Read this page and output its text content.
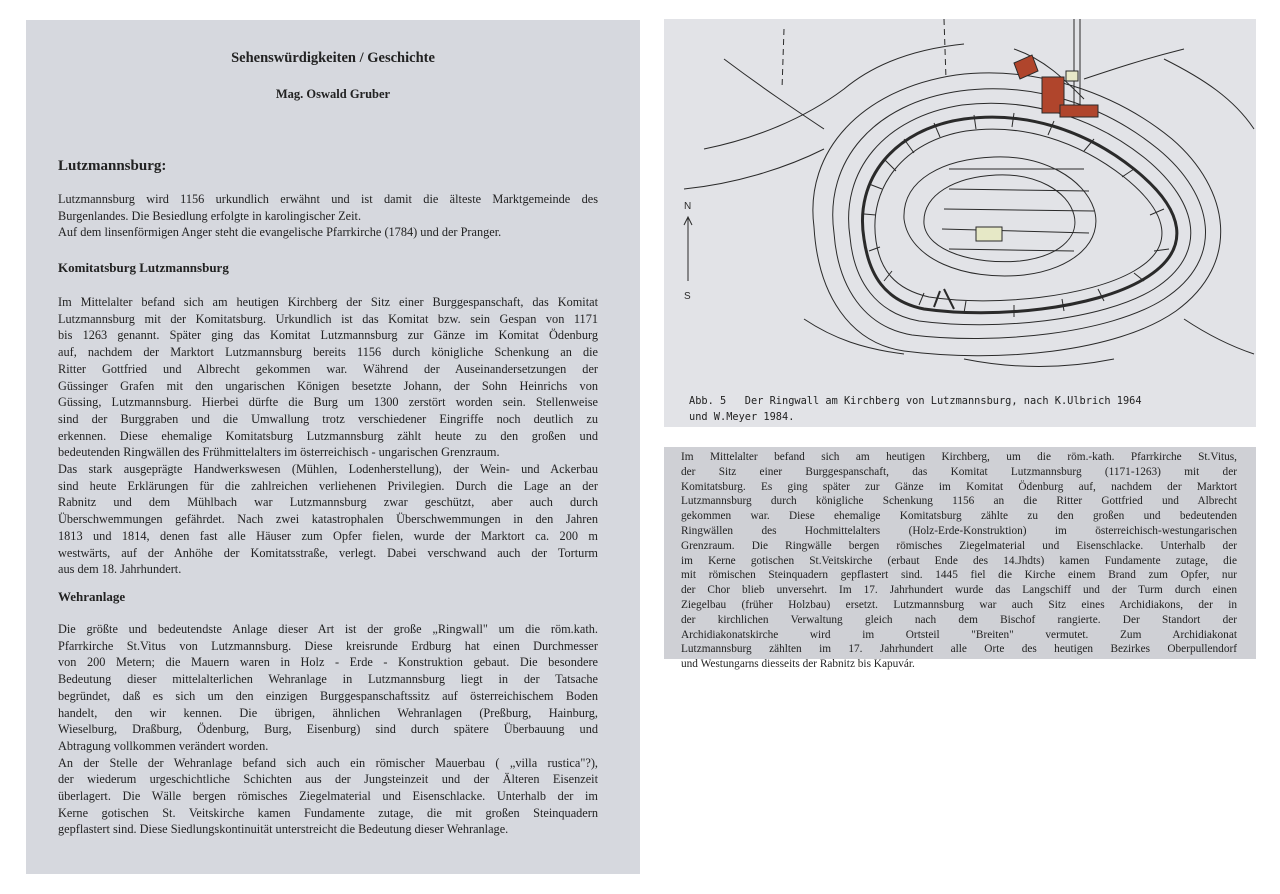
Sehenswürdigkeiten / Geschichte
Mag. Oswald Gruber
Lutzmannsburg:
Lutzmannsburg wird 1156 urkundlich erwähnt und ist damit die älteste Marktgemeinde des
Burgenlandes. Die Besiedlung erfolgte in karolingischer Zeit.
Auf dem linsenförmigen Anger steht die evangelische Pfarrkirche (1784) und der Pranger.
Komitatsburg Lutzmannsburg
Im Mittelalter befand sich am heutigen Kirchberg der Sitz einer Burggespanschaft, das Komitat
Lutzmannsburg mit der Komitatsburg. Urkundlich ist das Komitat bzw. sein Gespan von 1171
bis 1263 genannt. Später ging das Komitat Lutzmannsburg zur Gänze im Komitat Ödenburg
auf, nachdem der Marktort Lutzmannsburg bereits 1156 durch königliche Schenkung an die
Ritter Gottfried und Albrecht gekommen war. Während der Auseinandersetzungen der
Güssinger Grafen mit den ungarischen Königen besetzte Johann, der Sohn Heinrichs von
Güssing, Lutzmannsburg. Hierbei dürfte die Burg um 1300 zerstört worden sein. Stellenweise
sind der Burggraben und die Umwallung trotz verschiedener Eingriffe noch deutlich zu
erkennen. Diese ehemalige Komitatsburg Lutzmannsburg zählt heute zu den großen und
bedeutenden Ringwällen des Frühmittelalters im österreichisch - ungarischen Grenzraum.
Das stark ausgeprägte Handwerkswesen (Mühlen, Lodenherstellung), der Wein- und Ackerbau
sind heute Erklärungen für die zahlreichen verliehenen Privilegien. Durch die Lage an der
Rabnitz und dem Mühlbach war Lutzmannsburg zwar geschützt, aber auch durch
Überschwemmungen gefährdet. Nach zwei katastrophalen Überschwemmungen in den Jahren
1813 und 1814, denen fast alle Häuser zum Opfer fielen, wurde der Marktort ca. 200 m
westwärts, auf der Anhöhe der Komitatsstraße, verlegt. Dabei verschwand auch der Torturm
aus dem 18. Jahrhundert.
Wehranlage
Die größte und bedeutendste Anlage dieser Art ist der große „Ringwall" um die röm.kath.
Pfarrkirche St.Vitus von Lutzmannsburg. Diese kreisrunde Erdburg hat einen Durchmesser
von 200 Metern; die Mauern waren in Holz - Erde - Konstruktion gebaut. Die besondere
Bedeutung dieser mittelalterlichen Wehranlage in Lutzmannsburg liegt in der Tatsache
begründet, daß es sich um den einzigen Burggespanschaftssitz auf österreichischem Boden
handelt, den wir kennen. Die übrigen, ähnlichen Wehranlagen (Preßburg, Hainburg,
Wieselburg, Draßburg, Ödenburg, Burg, Eisenburg) sind durch spätere Überbauung und
Abtragung vollkommen verändert worden.
An der Stelle der Wehranlage befand sich auch ein römischer Mauerbau ( „villa rustica"?),
der wiederum urgeschichtliche Schichten aus der Jungsteinzeit und der Älteren Eisenzeit
überlagert. Die Wälle bergen römisches Ziegelmaterial und Eisenschlacke. Unterhalb der im
Kerne gotischen St. Veitskirche kamen Fundamente zutage, die mit großen Steinquadern
gepflastert sind. Diese Siedlungskontinuität unterstreicht die Bedeutung dieser Wehranlage.
N
S
Abb. 5   Der Ringwall am Kirchberg von Lutzmannsburg, nach K.Ulbrich 1964
und W.Meyer 1984.
Im Mittelalter befand sich am heutigen Kirchberg, um die röm.-kath. Pfarrkirche St.Vitus,
der Sitz einer Burggespanschaft, das Komitat Lutzmannsburg (1171-1263) mit der
Komitatsburg. Es ging später zur Gänze im Komitat Ödenburg auf, nachdem der Marktort
Lutzmannsburg durch königliche Schenkung 1156 an die Ritter Gottfried und Albrecht
gekommen war. Diese ehemalige Komitatsburg zählte zu den großen und bedeutenden
Ringwällen des Hochmittelalters (Holz-Erde-Konstruktion) im österreichisch-westungarischen
Grenzraum. Die Ringwälle bergen römisches Ziegelmaterial und Eisenschlacke. Unterhalb der
im Kerne gotischen St.Veitskirche (erbaut Ende des 14.Jhdts) kamen Fundamente zutage, die
mit römischen Steinquadern gepflastert sind. 1445 fiel die Kirche einem Brand zum Opfer, nur
der Chor blieb unversehrt. Im 17. Jahrhundert wurde das Langschiff und der Turm durch einen
Ziegelbau (früher Holzbau) ersetzt. Lutzmannsburg war auch Sitz eines Archidiakons, der in
der kirchlichen Verwaltung gleich nach dem Bischof rangierte. Der Standort der
Archidiakonatskirche wird im Ortsteil "Breiten" vermutet. Zum Archidiakonat
Lutzmannsburg zählten im 17. Jahrhundert alle Orte des heutigen Bezirkes Oberpullendorf
und Westungarns diesseits der Rabnitz bis Kapuvár.
